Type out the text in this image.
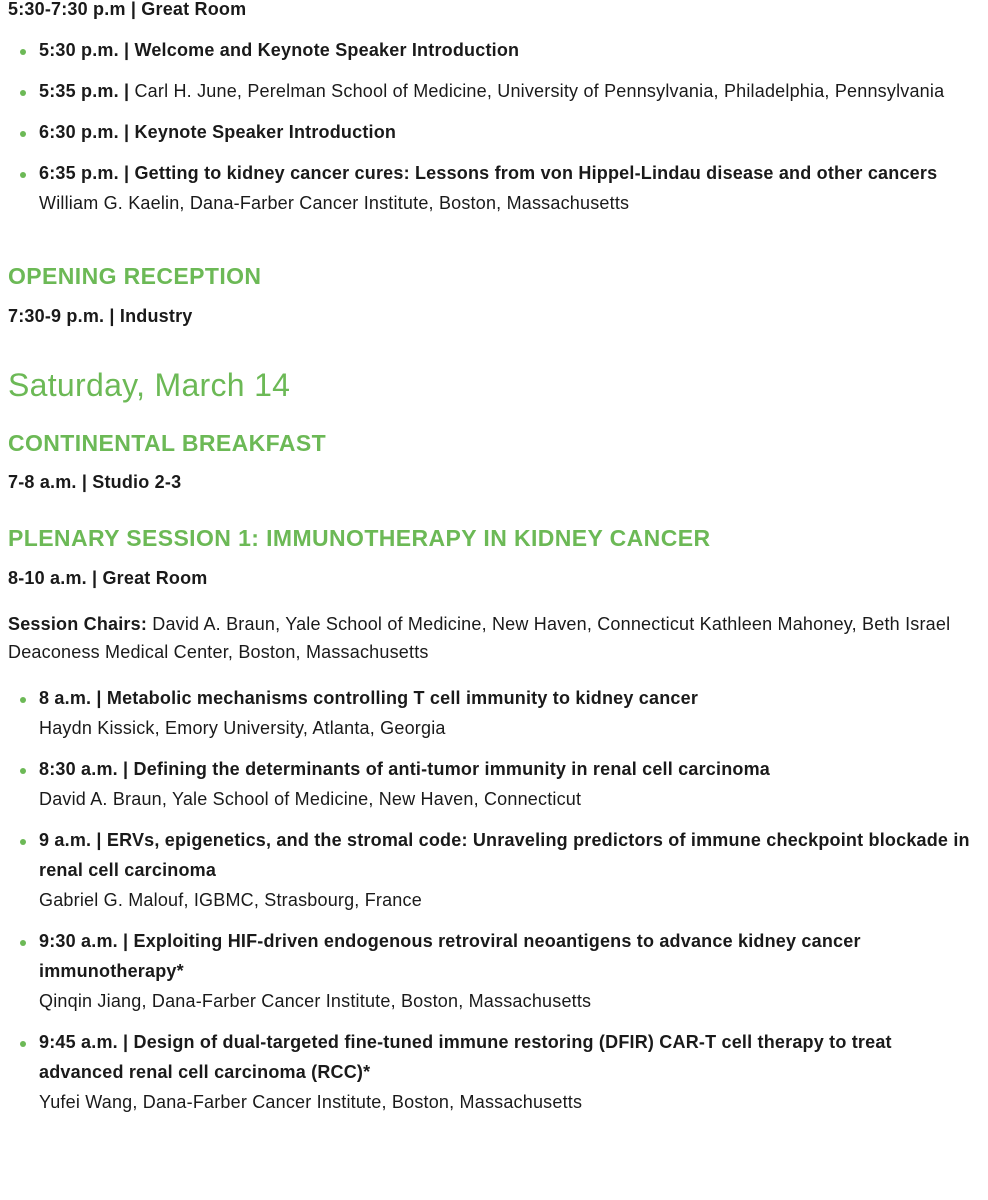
5:30-7:30 p.m | Great Room

5:30 p.m. | Welcome and Keynote Speaker Introduction
5:35 p.m. | Carl H. June, Perelman School of Medicine, University of Pennsylvania, Philadelphia, Pennsylvania
6:30 p.m. | Keynote Speaker Introduction
6:35 p.m. | Getting to kidney cancer cures: Lessons from von Hippel-Lindau disease and other cancers
William G. Kaelin, Dana-Farber Cancer Institute, Boston, Massachusetts
OPENING RECEPTION

7:30-9 p.m. | Industry

Saturday, March 14
CONTINENTAL BREAKFAST

7-8 a.m. | Studio 2-3

PLENARY SESSION 1: IMMUNOTHERAPY IN KIDNEY CANCER

8-10 a.m. | Great Room

Session Chairs: David A. Braun, Yale School of Medicine, New Haven, Connecticut Kathleen Mahoney, Beth Israel Deaconess Medical Center, Boston, Massachusetts

8 a.m. | Metabolic mechanisms controlling T cell immunity to kidney cancer
Haydn Kissick, Emory University, Atlanta, Georgia
8:30 a.m. | Defining the determinants of anti-tumor immunity in renal cell carcinoma
David A. Braun, Yale School of Medicine, New Haven, Connecticut
9 a.m. | ERVs, epigenetics, and the stromal code: Unraveling predictors of immune checkpoint blockade in renal cell carcinoma
Gabriel G. Malouf, IGBMC, Strasbourg, France
9:30 a.m. | Exploiting HIF-driven endogenous retroviral neoantigens to advance kidney cancer immunotherapy*
Qinqin Jiang, Dana-Farber Cancer Institute, Boston, Massachusetts
9:45 a.m. | Design of dual-targeted fine-tuned immune restoring (DFIR) CAR-T cell therapy to treat advanced renal cell carcinoma (RCC)*
Yufei Wang, Dana-Farber Cancer Institute, Boston, Massachusetts
